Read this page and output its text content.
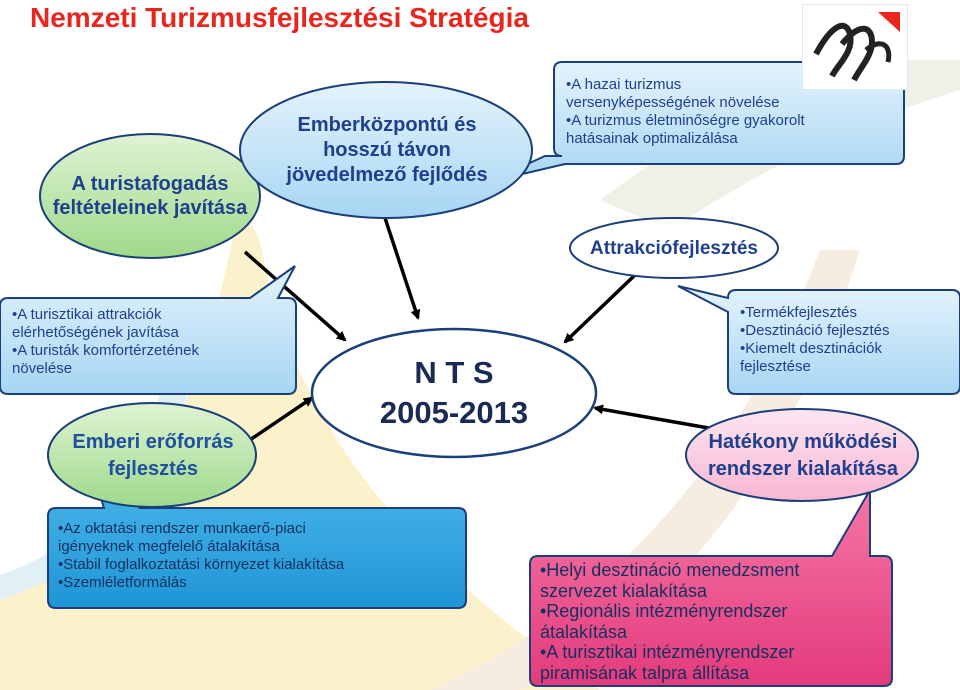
Nemzeti Turizmusfejlesztési Stratégia
A turistafogadás
feltételeinek javítása
Emberközpontú és
hosszú távon
jövedelmező fejlődés
Attrakciófejlesztés
N T S
2005-2013
Emberi erőforrás
fejlesztés
Hatékony működési
rendszer kialakítása
•A hazai turizmus
versenyképességének növelése
•A turizmus életminőségre gyakorolt
hatásainak optimalizálása
•A turisztikai attrakciók
elérhetőségének javítása
•A turisták komfortérzetének
növelése
•Termékfejlesztés
•Desztináció fejlesztés
•Kiemelt desztinációk
fejlesztése
•Az oktatási rendszer munkaerő-piaci
igényeknek megfelelő átalakítása
•Stabil foglalkoztatási környezet kialakítása
•Szemléletformálás
•Helyi desztináció menedzsment
szervezet kialakítása
•Regionális intézményrendszer
átalakítása
•A turisztikai intézményrendszer
piramisának talpra állítása
